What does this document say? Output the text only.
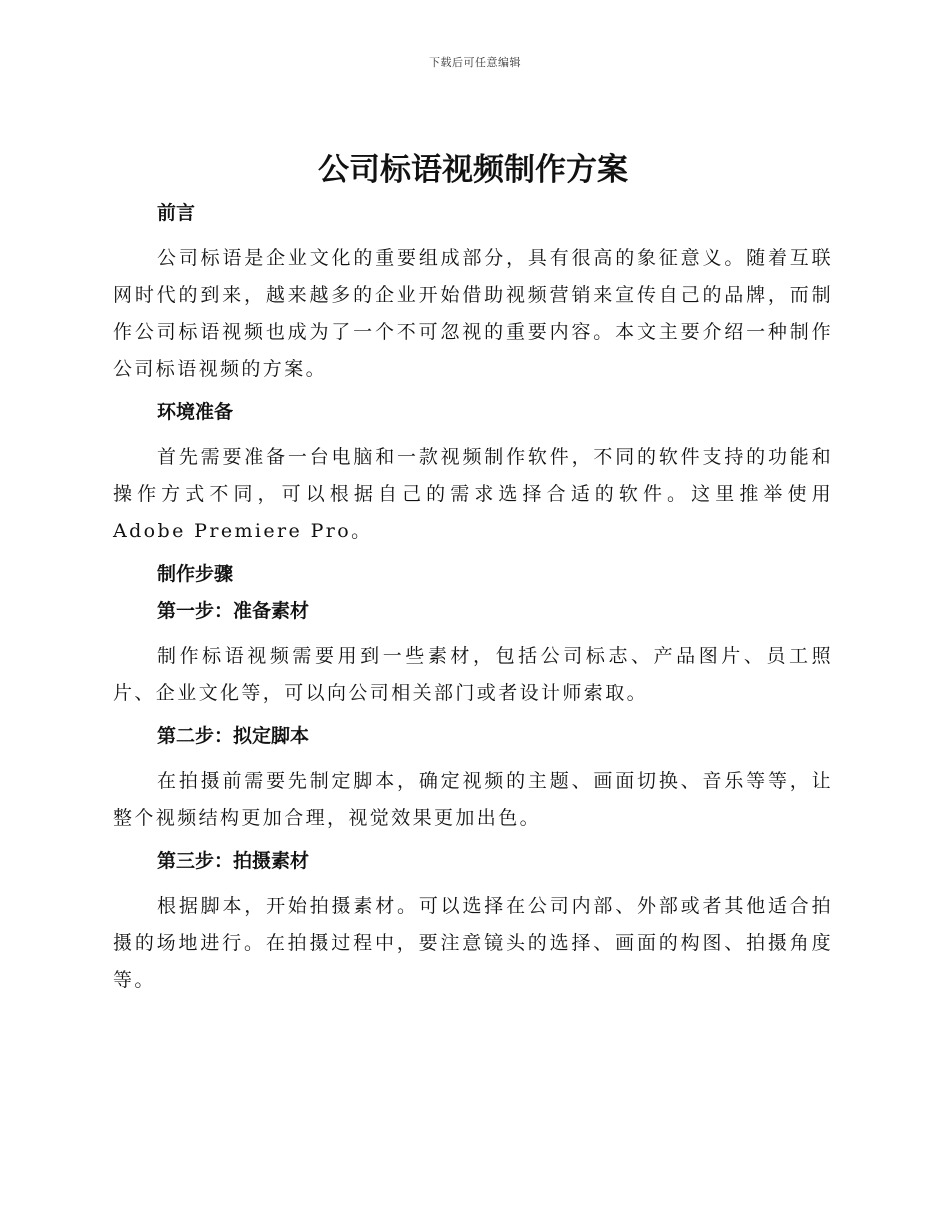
下载后可任意编辑
公司标语视频制作方案
前言

公司标语是企业文化的重要组成部分，具有很高的象征意义。随着互联网时代的到来，越来越多的企业开始借助视频营销来宣传自己的品牌，而制作公司标语视频也成为了一个不可忽视的重要内容。本文主要介绍一种制作公司标语视频的方案。

环境准备

首先需要准备一台电脑和一款视频制作软件，不同的软件支持的功能和操作方式不同，可以根据自己的需求选择合适的软件。这里推举使用 Adobe Premiere Pro。

制作步骤
第一步：准备素材

制作标语视频需要用到一些素材，包括公司标志、产品图片、员工照片、企业文化等，可以向公司相关部门或者设计师索取。

第二步：拟定脚本

在拍摄前需要先制定脚本，确定视频的主题、画面切换、音乐等等，让整个视频结构更加合理，视觉效果更加出色。

第三步：拍摄素材

根据脚本，开始拍摄素材。可以选择在公司内部、外部或者其他适合拍摄的场地进行。在拍摄过程中，要注意镜头的选择、画面的构图、拍摄角度等。
